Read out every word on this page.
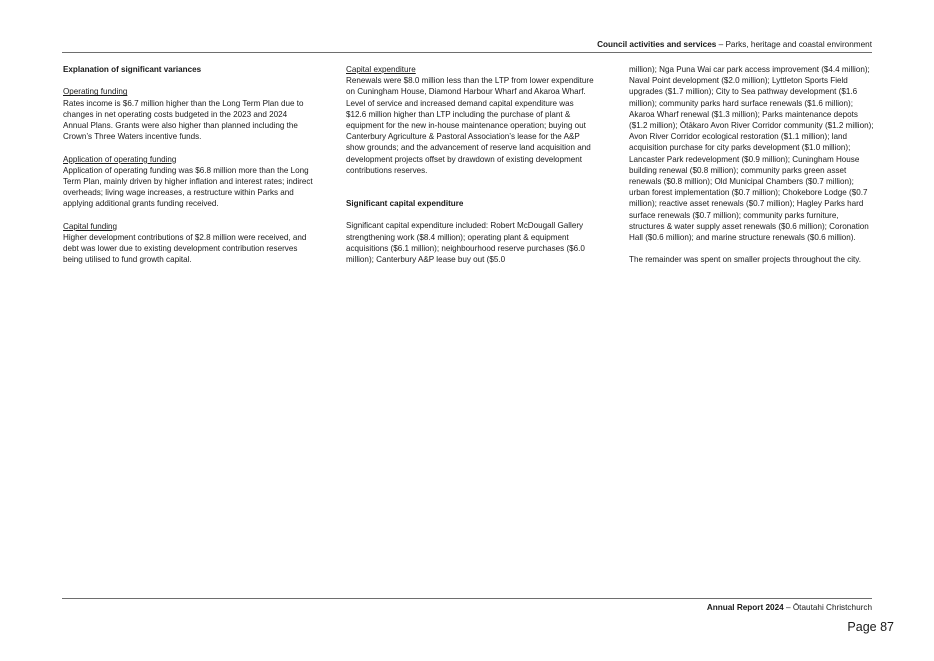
Council activities and services – Parks, heritage and coastal environment

Explanation of significant variances

Operating funding

Rates income is $6.7 million higher than the Long Term Plan due to changes in net operating costs budgeted in the 2023 and 2024 Annual Plans. Grants were also higher than planned including the Crown’s Three Waters incentive funds.

Application of operating funding

Application of operating funding was $6.8 million more than the Long Term Plan, mainly driven by higher inflation and interest rates; indirect overheads; living wage increases, a restructure within Parks and applying additional grants funding received.

Capital funding

Higher development contributions of $2.8 million were received, and debt was lower due to existing development contribution reserves being utilised to fund growth capital.

Capital expenditure

Renewals were $8.0 million less than the LTP from lower expenditure on Cuningham House, Diamond Harbour Wharf and Akaroa Wharf. Level of service and increased demand capital expenditure was $12.6 million higher than LTP including the purchase of plant & equipment for the new in-house maintenance operation; buying out Canterbury Agriculture & Pastoral Association’s lease for the A&P show grounds; and the advancement of reserve land acquisition and development projects offset by drawdown of existing development contributions reserves.

Significant capital expenditure

Significant capital expenditure included: Robert McDougall Gallery strengthening work ($8.4 million); operating plant & equipment acquisitions ($6.1 million); neighbourhood reserve purchases ($6.0 million); Canterbury A&P lease buy out ($5.0

million); Nga Puna Wai car park access improvement ($4.4 million); Naval Point development ($2.0 million); Lyttleton Sports Field upgrades ($1.7 million); City to Sea pathway development ($1.6 million); community parks hard surface renewals ($1.6 million); Akaroa Wharf renewal ($1.3 million); Parks maintenance depots ($1.2 million); Ōtākaro Avon River Corridor community ($1.2 million); Avon River Corridor ecological restoration ($1.1 million); land acquisition purchase for city parks development ($1.0 million); Lancaster Park redevelopment ($0.9 million); Cuningham House building renewal ($0.8 million); community parks green asset renewals ($0.8 million); Old Municipal Chambers ($0.7 million); urban forest implementation ($0.7 million); Chokebore Lodge ($0.7 million); reactive asset renewals ($0.7 million); Hagley Parks hard surface renewals ($0.7 million); community parks furniture, structures & water supply asset renewals ($0.6 million); Coronation Hall ($0.6 million); and marine structure renewals ($0.6 million).

The remainder was spent on smaller projects throughout the city.

Annual Report 2024 – Ōtautahi Christchurch
Page 87
